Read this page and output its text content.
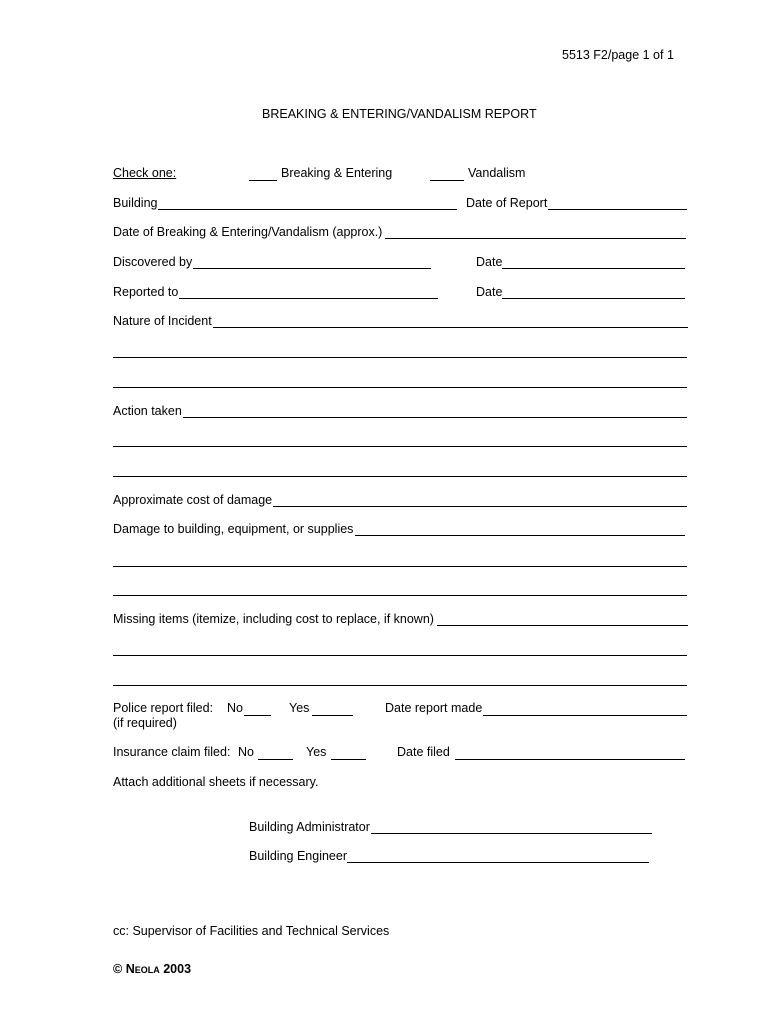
5513 F2/page 1 of 1
BREAKING & ENTERING/VANDALISM REPORT
Check one:	Breaking & Entering	Vandalism
Building	Date of Report
Date of Breaking & Entering/Vandalism (approx.)
Discovered by	Date
Reported to	Date
Nature of Incident
Action taken
Approximate cost of damage
Damage to building, equipment, or supplies
Missing items (itemize, including cost to replace, if known)
Police report filed: No	Yes	Date report made
(if required)
Insurance claim filed: No	Yes	Date filed
Attach additional sheets if necessary.
Building Administrator
Building Engineer
cc: Supervisor of Facilities and Technical Services
© Neola 2003
